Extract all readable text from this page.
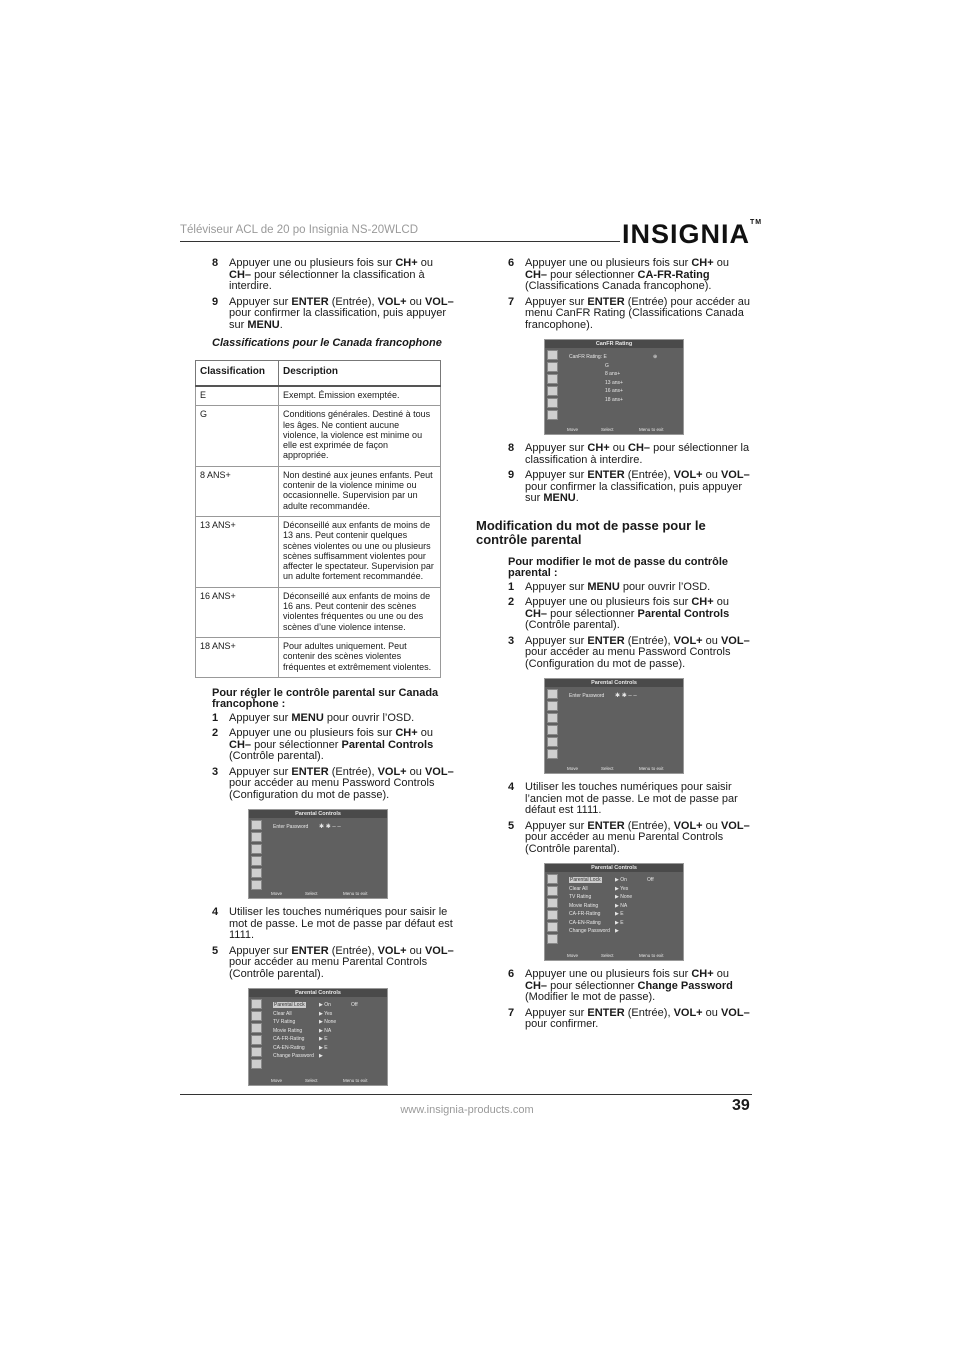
Téléviseur ACL de 20 po Insignia NS-20WLCD	INSIGNIA™
8 Appuyer une ou plusieurs fois sur CH+ ou CH– pour sélectionner la classification à interdire.
9 Appuyer sur ENTER (Entrée), VOL+ ou VOL– pour confirmer la classification, puis appuyer sur MENU.
Classifications pour le Canada francophone
Classification	Description
E	Exempt. Émission exemptée.
G	Conditions générales. Destiné à tous les âges. Ne contient aucune violence, la violence est minime ou elle est exprimée de façon appropriée.
8 ANS+	Non destiné aux jeunes enfants. Peut contenir de la violence minime ou occasionnelle. Supervision par un adulte recommandée.
13 ANS+	Déconseillé aux enfants de moins de 13 ans. Peut contenir quelques scènes violentes ou une ou plusieurs scènes suffisamment violentes pour affecter le spectateur. Supervision par un adulte fortement recommandée.
16 ANS+	Déconseillé aux enfants de moins de 16 ans. Peut contenir des scènes violentes fréquentes ou une ou des scènes d’une violence intense.
18 ANS+	Pour adultes uniquement. Peut contenir des scènes violentes fréquentes et extrêmement violentes.
Pour régler le contrôle parental sur Canada francophone :
1 Appuyer sur MENU pour ouvrir l’OSD.
2 Appuyer une ou plusieurs fois sur CH+ ou CH– pour sélectionner Parental Controls (Contrôle parental).
3 Appuyer sur ENTER (Entrée), VOL+ ou VOL– pour accéder au menu Password Controls (Configuration du mot de passe).
Parental Controls
Enter Password ✱ ✱ – –
Move	Select	Menu to exit
4 Utiliser les touches numériques pour saisir le mot de passe. Le mot de passe par défaut est 1111.
5 Appuyer sur ENTER (Entrée), VOL+ ou VOL– pour accéder au menu Parental Controls (Contrôle parental).
Parental Controls
Parental Lock	▶ On	Off
Clear All	▶ Yes
TV Rating	▶ None
Movie Rating	▶ NA
CA-FR-Rating	▶ E
CA-EN-Rating	▶ E
Change Password ▶
Move	Select	Menu to exit
6 Appuyer une ou plusieurs fois sur CH+ ou CH– pour sélectionner CA-FR-Rating (Classifications Canada francophone).
7 Appuyer sur ENTER (Entrée) pour accéder au menu CanFR Rating (Classifications Canada francophone).
CanFR Rating
CanFR Rating: E	⊕
G
8 ans+
13 ans+
16 ans+
18 ans+
Move	Select	Menu to exit
8 Appuyer sur CH+ ou CH– pour sélectionner la classification à interdire.
9 Appuyer sur ENTER (Entrée), VOL+ ou VOL– pour confirmer la classification, puis appuyer sur MENU.
Modification du mot de passe pour le contrôle parental
Pour modifier le mot de passe du contrôle parental :
1 Appuyer sur MENU pour ouvrir l’OSD.
2 Appuyer une ou plusieurs fois sur CH+ ou CH– pour sélectionner Parental Controls (Contrôle parental).
3 Appuyer sur ENTER (Entrée), VOL+ ou VOL– pour accéder au menu Password Controls (Configuration du mot de passe).
Parental Controls
Enter Password ✱ ✱ – –
Move	Select	Menu to exit
4 Utiliser les touches numériques pour saisir l’ancien mot de passe. Le mot de passe par défaut est 1111.
5 Appuyer sur ENTER (Entrée), VOL+ ou VOL– pour accéder au menu Parental Controls (Contrôle parental).
Parental Controls
Parental Lock	▶ On	Off
Clear All	▶ Yes
TV Rating	▶ None
Movie Rating	▶ NA
CA-FR-Rating	▶ E
CA-EN-Rating	▶ E
Change Password ▶
Move	Select	Menu to exit
6 Appuyer une ou plusieurs fois sur CH+ ou CH– pour sélectionner Change Password (Modifier le mot de passe).
7 Appuyer sur ENTER (Entrée), VOL+ ou VOL– pour confirmer.
www.insignia-products.com	39
